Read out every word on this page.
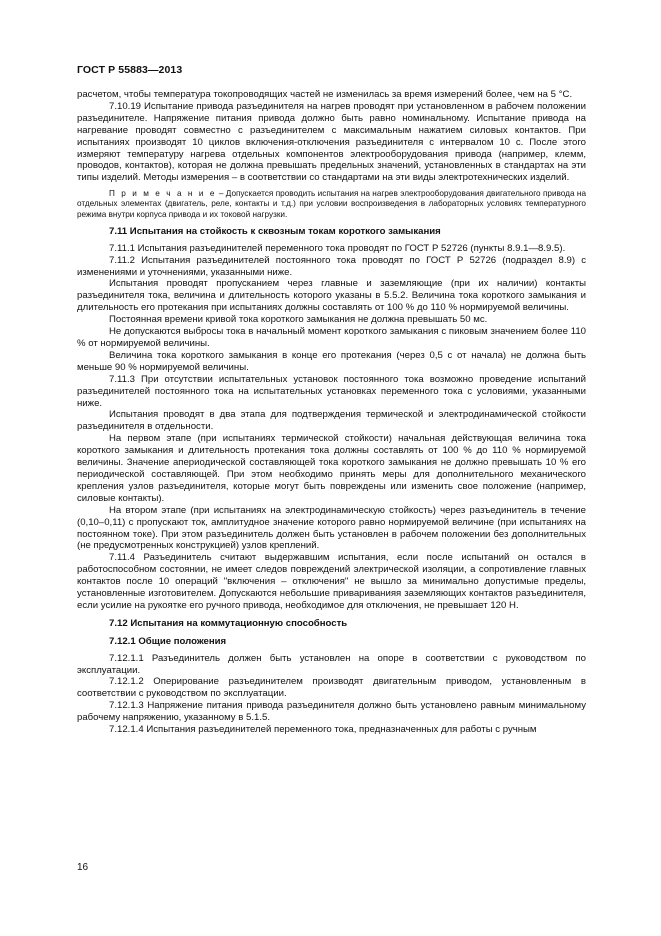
ГОСТ Р 55883—2013

расчетом, чтобы температура токопроводящих частей не изменилась за время измерений более, чем на 5 °С.

7.10.19 Испытание привода разъединителя на нагрев проводят при установленном в рабочем положении разъединителе. Напряжение питания привода должно быть равно номинальному. Испытание привода на нагревание проводят совместно с разъединителем с максимальным нажатием силовых контактов. При испытаниях производят 10 циклов включения-отключения разъединителя с интервалом 10 с. После этого измеряют температуру нагрева отдельных компонентов электрооборудования привода (например, клемм, проводов, контактов), которая не должна превышать предельных значений, установленных в стандартах на эти типы изделий. Методы измерения – в соответствии со стандартами на эти виды электротехнических изделий.

П р и м е ч а н и е – Допускается проводить испытания на нагрев электрооборудования двигательного привода на отдельных элементах (двигатель, реле, контакты и т.д.) при условии воспроизведения в лабораторных условиях температурного режима внутри корпуса привода и их токовой нагрузки.

7.11 Испытания на стойкость к сквозным токам короткого замыкания

7.11.1 Испытания разъединителей переменного тока проводят по ГОСТ Р 52726 (пункты 8.9.1—8.9.5).

7.11.2 Испытания разъединителей постоянного тока проводят по ГОСТ Р 52726 (подраздел 8.9) с изменениями и уточнениями, указанными ниже.

Испытания проводят пропусканием через главные и заземляющие (при их наличии) контакты разъединителя тока, величина и длительность которого указаны в 5.5.2. Величина тока короткого замыкания и длительность его протекания при испытаниях должны составлять от 100 % до 110 % нормируемой величины.

Постоянная времени кривой тока короткого замыкания не должна превышать 50 мс.

Не допускаются выбросы тока в начальный момент короткого замыкания с пиковым значением более 110 % от нормируемой величины.

Величина тока короткого замыкания в конце его протекания (через 0,5 с от начала) не должна быть меньше 90 % нормируемой величины.

7.11.3 При отсутствии испытательных установок постоянного тока возможно проведение испытаний разъединителей постоянного тока на испытательных установках переменного тока с условиями, указанными ниже.

Испытания проводят в два этапа для подтверждения термической и электродинамической стойкости разъединителя в отдельности.

На первом этапе (при испытаниях термической стойкости) начальная действующая величина тока короткого замыкания и длительность протекания тока должны составлять от 100 % до 110 % нормируемой величины. Значение апериодической составляющей тока короткого замыкания не должно превышать 10 % его периодической составляющей. При этом необходимо принять меры для дополнительного механического крепления узлов разъединителя, которые могут быть повреждены или изменить свое положение (например, силовые контакты).

На втором этапе (при испытаниях на электродинамическую стойкость) через разъединитель в течение (0,10–0,11) с пропускают ток, амплитудное значение которого равно нормируемой величине (при испытаниях на постоянном токе). При этом разъединитель должен быть установлен в рабочем положении без дополнительных (не предусмотренных конструкцией) узлов креплений.

7.11.4 Разъединитель считают выдержавшим испытания, если после испытаний он остался в работоспособном состоянии, не имеет следов повреждений электрической изоляции, а сопротивление главных контактов после 10 операций "включения – отключения" не вышло за минимально допустимые пределы, установленные изготовителем. Допускаются небольшие привариванияя заземляющих контактов разъединителя, если усилие на рукоятке его ручного привода, необходимое для отключения, не превышает 120 Н.

7.12 Испытания на коммутационную способность

7.12.1 Общие положения

7.12.1.1 Разъединитель должен быть установлен на опоре в соответствии с руководством по эксплуатации.

7.12.1.2 Оперирование разъединителем производят двигательным приводом, установленным в соответствии с руководством по эксплуатации.

7.12.1.3 Напряжение питания привода разъединителя должно быть установлено равным минимальному рабочему напряжению, указанному в 5.1.5.

7.12.1.4 Испытания разъединителей переменного тока, предназначенных для работы с ручным

16
